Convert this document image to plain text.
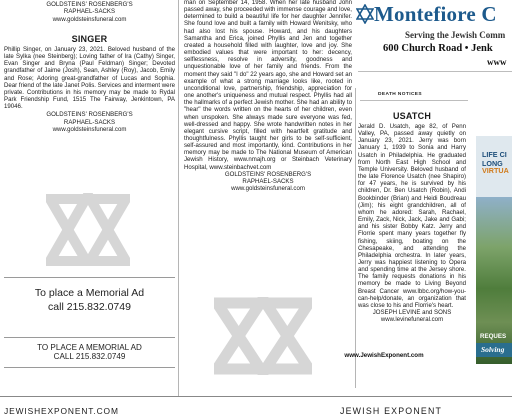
GOLDSTEINS' ROSENBERG'S
RAPHAEL-SACKS
www.goldsteinsfuneral.com
SINGER
Phillip Singer, on January 23, 2021. Beloved husband of the late Sylka (nee Steinberg); Loving father of Ira (Cathy) Singer, Evan Singer and Bryna (Paul Feldman) Singer; Devoted grandfather of Jaime (Josh), Sean, Ashley (Roy), Jacob, Emily and Rose; Adoring great-grandfather of Lucas and Sophia. Dear friend of the late Janet Polis. Services and interment were private. Contributions in his memory may be made to Rydal Park Friendship Fund, 1515 The Fairway, Jenkintown, PA 19046.
GOLDSTEINS' ROSENBERG'S
RAPHAEL-SACKS
www.goldsteinsfuneral.com
To place a Memorial Ad
call 215.832.0749
TO PLACE A MEMORIAL AD
CALL 215.832.0749
man on September 14, 1958. When her late husband John passed away, she proceeded with immense courage and love, determined to build a beautiful life for her daughter Jennifer. She found love and built a family with Howard Wenitsky, who had also lost his spouse. Howard, and his daughters Samantha and Erica, joined Phyllis and Jen and together created a household filled with laughter, love and joy. She embodied values that were important to her: decency, selflessness, resolve in adversity, goodness and unquestionable love of her family and friends. From the moment they said "I do" 22 years ago, she and Howard set an example of what a strong marriage looks like, rooted in unconditional love, partnership, friendship, appreciation for one another's uniqueness and mutual respect. Phyllis had all the hallmarks of a perfect Jewish mother. She had an ability to "hear" the words written on the hearts of her children, even when unspoken. She always made sure everyone was fed, well-dressed and happy. She wrote handwritten notes in her elegant cursive script, filled with heartfelt gratitude and thoughtfulness. Phyllis taught her girls to be self-sufficient, self-assured and most importantly, kind. Contributions in her memory may be made to The National Museum of American Jewish History, www.nmajh.org or Steinbach Veterinary Hospital, www.steinbachvet.com
GOLDSTEINS' ROSENBERG'S
RAPHAEL-SACKS
www.goldsteinsfuneral.com
Montefiore C
Serving the Jewish Comm
600 Church Road • Jenk
www
DEATH NOTICES
USATCH
Jerald D. Usatch, age 82, of Penn Valley, PA, passed away quietly on January 23, 2021. Jerry was born January 1, 1939 to Sonia and Harry Usatch in Philadelphia. He graduated from North East High School and Temple University. Beloved husband of the late Florence Usatch (nee Shapiro) for 47 years, he is survived by his children, Dr. Ben Usatch (Robin), Andi Bookbinder (Brian) and Heidi Boudreau (Jim); his eight grandchildren, all of whom he adored: Sarah, Rachael, Emily, Zack, Nick, Jack, Jake and Gabi; and his sister Bobby Katz. Jerry and Florrie spent many years together fly fishing, skiing, boating on the Chesapeake, and attending the Philadelphia orchestra. In later years, Jerry was happiest listening to Opera and spending time at the Jersey shore. The family requests donations in his memory be made to Living Beyond Breast Cancer www.lbbc.org/how-you-can-help/donate, an organization that was close to his and Florrie's heart.
JOSEPH LEVINE and SONS
www.levinefuneral.com
www.JewishExponent.com
LIFE CI
LONG
VIRTUA
REQUES
Solving
JEWISHEXPONENT.COM	JEWISH EXPONENT
